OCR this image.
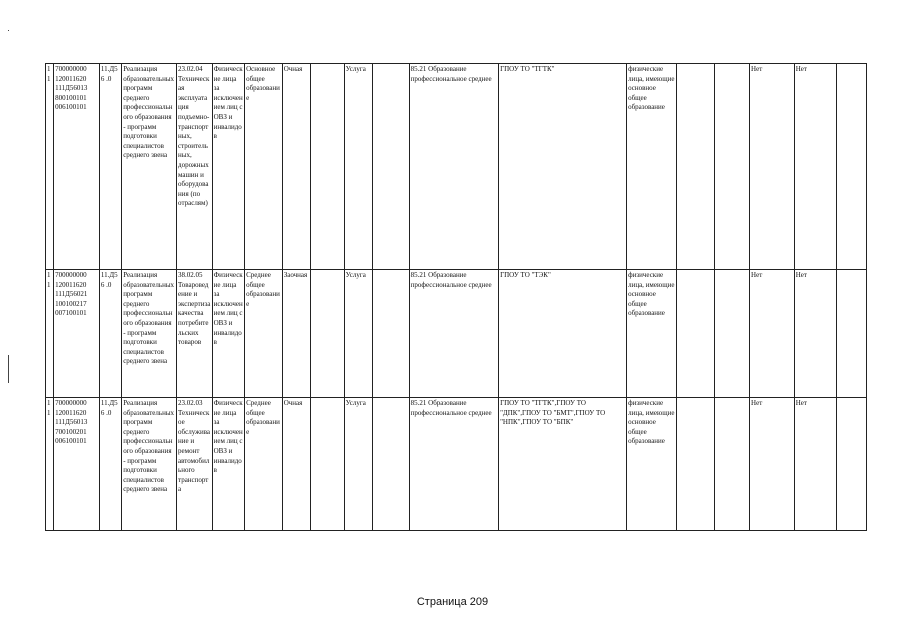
11	700000000 120011620 111Д56013 800100101 006100101	11.Д56 .0	Реализация образовательных программ среднего профессионального образования - программ подготовки специалистов среднего звена	23.02.04 Техническая эксплуатация подъемно-транспортных, строительных, дорожных машин и оборудования (по отраслям)	Физические лица за исключением лиц с ОВЗ и инвалидов	Основное общее образование	Очная		Услуга		85.21 Образование профессиональное среднее	ГПОУ ТО "ТГТК"	физические лица, имеющие основное общее образование			Нет	Нет	
11	700000000 120011620 111Д56021 100100217 007100101	11.Д56 .0	Реализация образовательных программ среднего профессионального образования - программ подготовки специалистов среднего звена	38.02.05 Товароведение и экспертиза качества потребительских товаров	Физические лица за исключением лиц с ОВЗ и инвалидов	Среднее общее образование	Заочная		Услуга		85.21 Образование профессиональное среднее	ГПОУ ТО "ТЭК"	физические лица, имеющие основное общее образование			Нет	Нет	
11	700000000 120011620 111Д56013 700100201 006100101	11.Д56 .0	Реализация образовательных программ среднего профессионального образования - программ подготовки специалистов среднего звена	23.02.03 Техническое обслуживание и ремонт автомобильного транспорта	Физические лица за исключением лиц с ОВЗ и инвалидов	Среднее общее образование	Очная		Услуга		85.21 Образование профессиональное среднее	ГПОУ ТО "ТГТК",ГПОУ ТО "ДПК",ГПОУ ТО "БМТ",ГПОУ ТО "НПК",ГПОУ ТО "БПК"	физические лица, имеющие основное общее образование			Нет	Нет	
Страница 209
